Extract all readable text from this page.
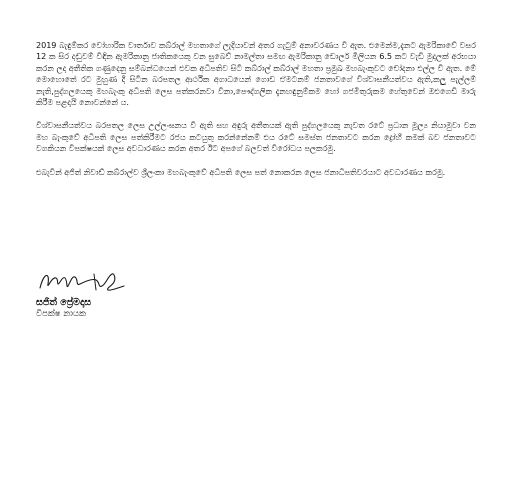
2019 බැඳුම්කර වෝහාරික වාර්තාව කබ්රාල් මහතාගේ ලැදියාවන් අතර ගැටුම් අනාවරණය වී ඇත. එමෙන්ම,දැනට ඇමරිකාවේ වසර 12 ක සිර දඬුවම් විඳින ඇමරිකානු ජාතිකයෙකු වන සුබෙව් නාමල්තා සමඟ ඇමරිකානු ඩොලර් මිලියන 6.5 කට වැඩි මුදලක් අරභයා කරන ලද අතීතික ගණුදෙනු සම්බන්ධයෙන් එවක අධිපතිව සිටි කබ්රාල් කබ්රාල් මහතා ප්‍රමුඛ මහබැංකුවට චෝදනා එල්ල වී ඇත. මේ මොහොතේ රට මුහුණ දී සිටින බරපතල ආර්ථික අගාධයෙන් ගොඩ ඒමටනම් ජනතාවගේ විශ්වාසනීයත්වය ඇති,කලු පැල්ලම් නැති,පුද්ගලයෙකු මහබැංකු අධිපති ලෙස පත්කරනවා විනා,පෞද්ගලික දැනහඳුනුම්කම හෝ ගජමිතුරුකම හේතුවෙන් ඔළුගෙඩි මාරු කිරීම පළදායි නොවන්නේ ය.

විශ්වාසනීයත්වය බරපතල ලෙස උල්ලංඝනය වී ඇති සහ අඳුරු අතීතයක් ඇති පුද්ගලයෙකු නැවත රටේ ප්‍රධාන මූල්‍ය නියාමුවා වන මහ බැංකුවේ අධිපති ලෙස පත්කිරීමට රජය කටයුතු කරන්නේනම් එය රටේ සමස්ත ජනතාවට කරන ද්‍රෝහී කමක් බව ජනතාවට වගකියන විපක්ෂයක් ලෙස අවධාරණය කරන අතර ඊට අපගේ බලවත් විරෝධය පලකරමු.

එබැවින් අජිත් නිවාඩ් කබ්රාල්ව ශ්‍රීලංකා මහබැංකුවේ අධිපති ලෙස පත් නොකරන ලෙස ජනාධිපතිවරයාට අවධාරණය කරමු.

සජිත් ප්‍රේමදාස
විපක්ෂ නායක
